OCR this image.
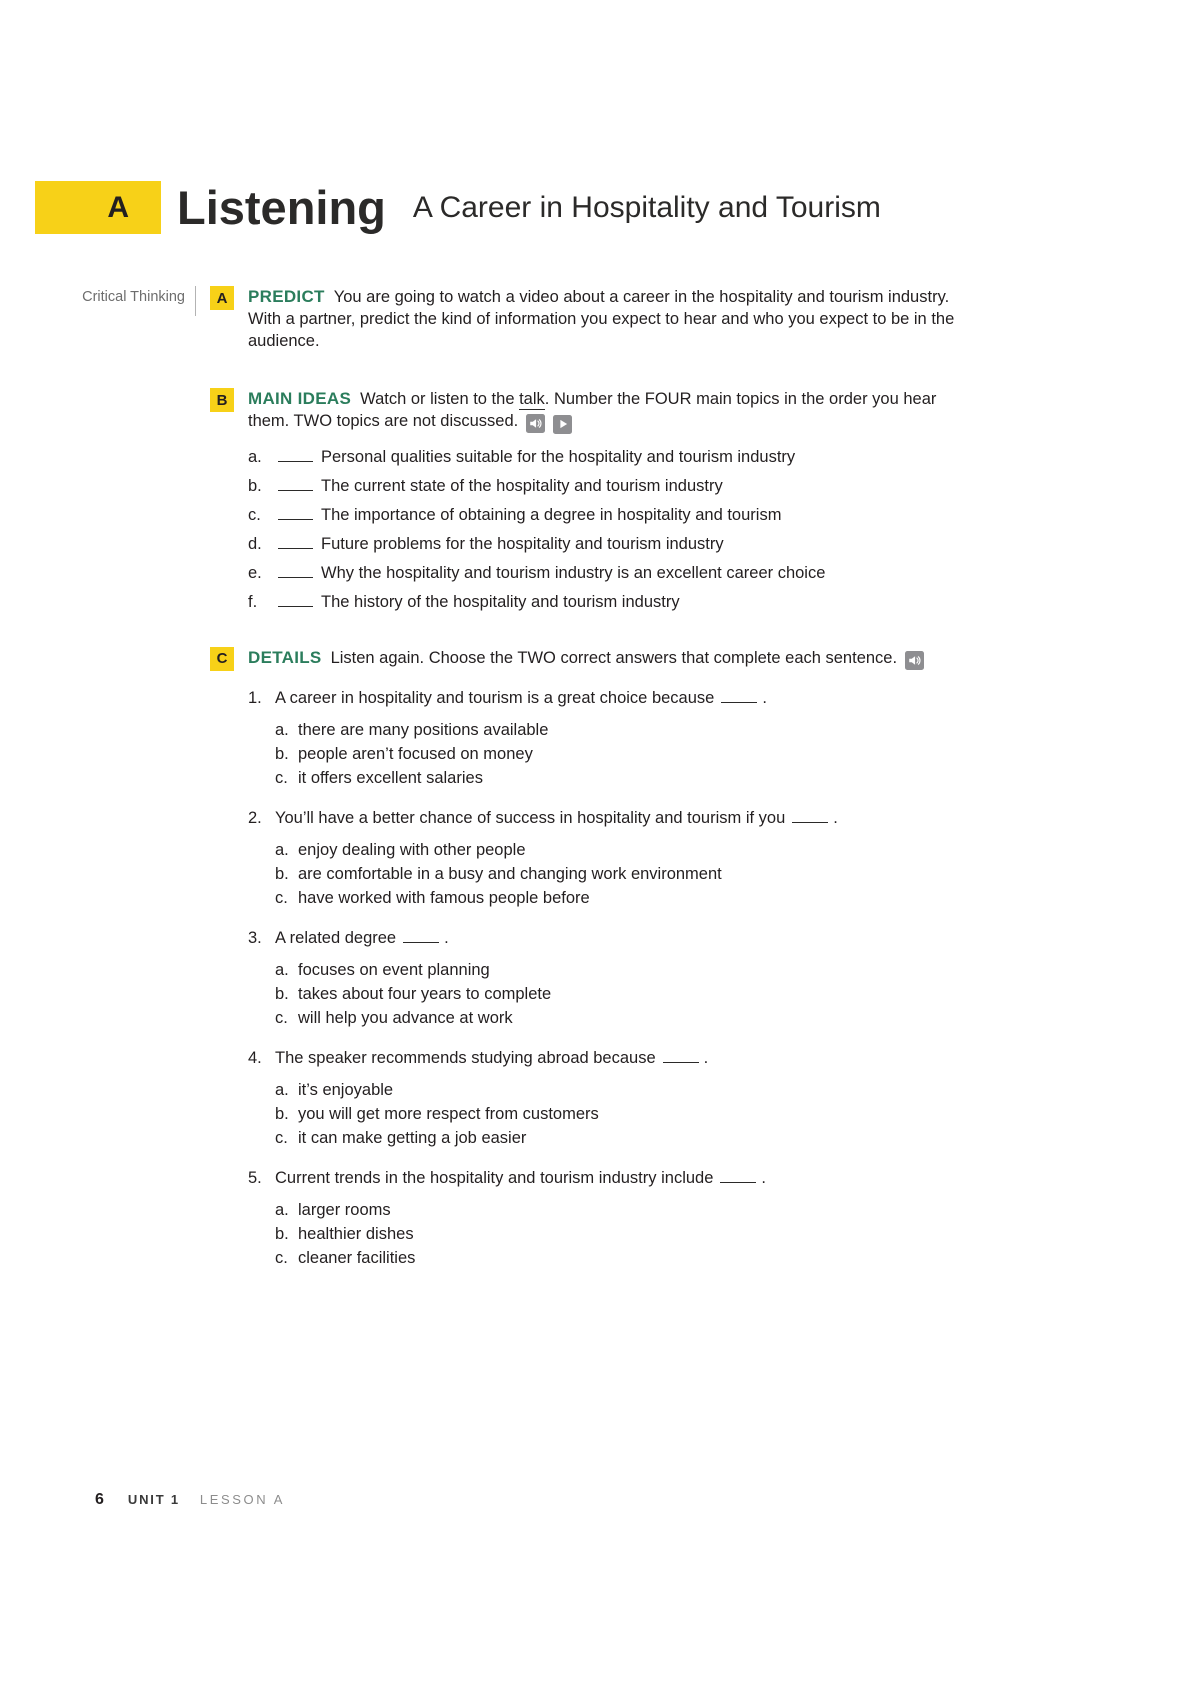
A Listening A Career in Hospitality and Tourism
Critical Thinking	A	PREDICT You are going to watch a video about a career in the hospitality and tourism industry. With a partner, predict the kind of information you expect to hear and who you expect to be in the audience.
B	MAIN IDEAS Watch or listen to the talk. Number the FOUR main topics in the order you hear them. TWO topics are not discussed.

a.	Personal qualities suitable for the hospitality and tourism industry
b.	The current state of the hospitality and tourism industry
c.	The importance of obtaining a degree in hospitality and tourism
d.	Future problems for the hospitality and tourism industry
e.	Why the hospitality and tourism industry is an excellent career choice
f.	The history of the hospitality and tourism industry
C	DETAILS Listen again. Choose the TWO correct answers that complete each sentence.

1. A career in hospitality and tourism is a great choice because	.
a. there are many positions available
b. people aren’t focused on money
c. it offers excellent salaries
2. You’ll have a better chance of success in hospitality and tourism if you	.
a. enjoy dealing with other people
b. are comfortable in a busy and changing work environment
c. have worked with famous people before
3. A related degree	.
a. focuses on event planning
b. takes about four years to complete
c. will help you advance at work
4. The speaker recommends studying abroad because	.
a. it’s enjoyable
b. you will get more respect from customers
c. it can make getting a job easier
5. Current trends in the hospitality and tourism industry include	.
a. larger rooms
b. healthier dishes
c. cleaner facilities
6 UNIT 1 LESSON A
